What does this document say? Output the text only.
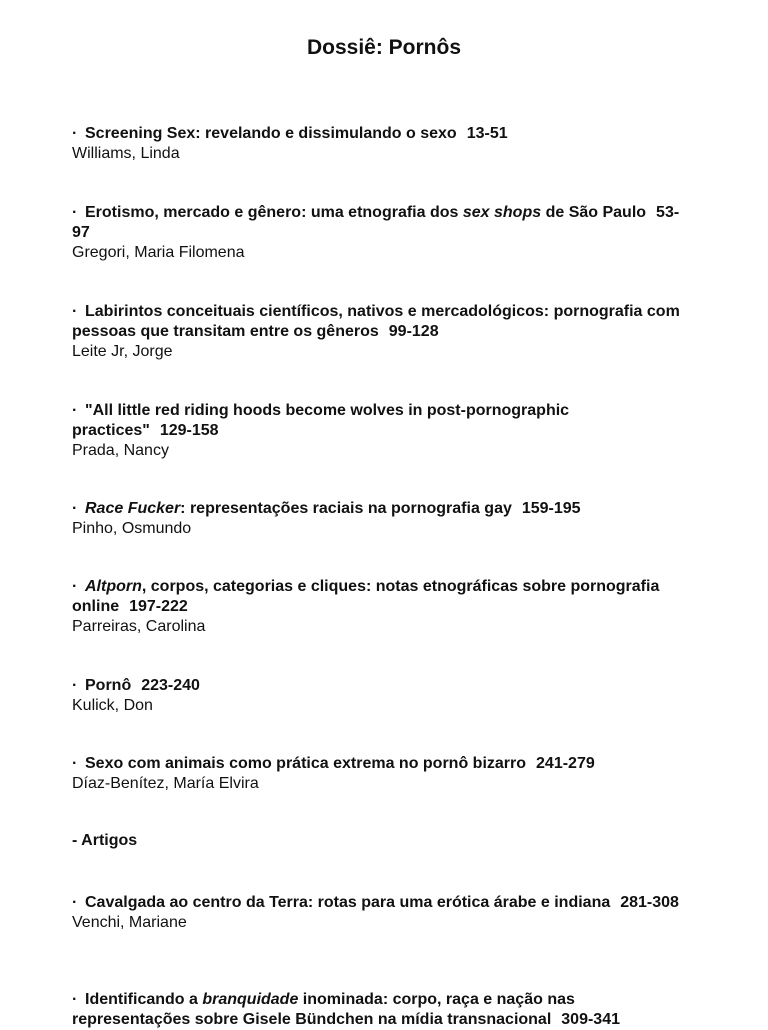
Dossiê: Pornôs
· Screening Sex: revelando e dissimulando o sexo 13-51
Williams, Linda
· Erotismo, mercado e gênero: uma etnografia dos sex shops de São Paulo 53-97
Gregori, Maria Filomena
· Labirintos conceituais científicos, nativos e mercadológicos: pornografia com pessoas que transitam entre os gêneros 99-128
Leite Jr, Jorge
· "All little red riding hoods become wolves in post-pornographic practices" 129-158
Prada, Nancy
· Race Fucker: representações raciais na pornografia gay 159-195
Pinho, Osmundo
· Altporn, corpos, categorias e cliques: notas etnográficas sobre pornografia online 197-222
Parreiras, Carolina
· Pornô 223-240
Kulick, Don
· Sexo com animais como prática extrema no pornô bizarro 241-279
Díaz-Benítez, María Elvira
- Artigos
· Cavalgada ao centro da Terra: rotas para uma erótica árabe e indiana 281-308
Venchi, Mariane
· Identificando a branquidade inominada: corpo, raça e nação nas representações sobre Gisele Bündchen na mídia transnacional 309-341
